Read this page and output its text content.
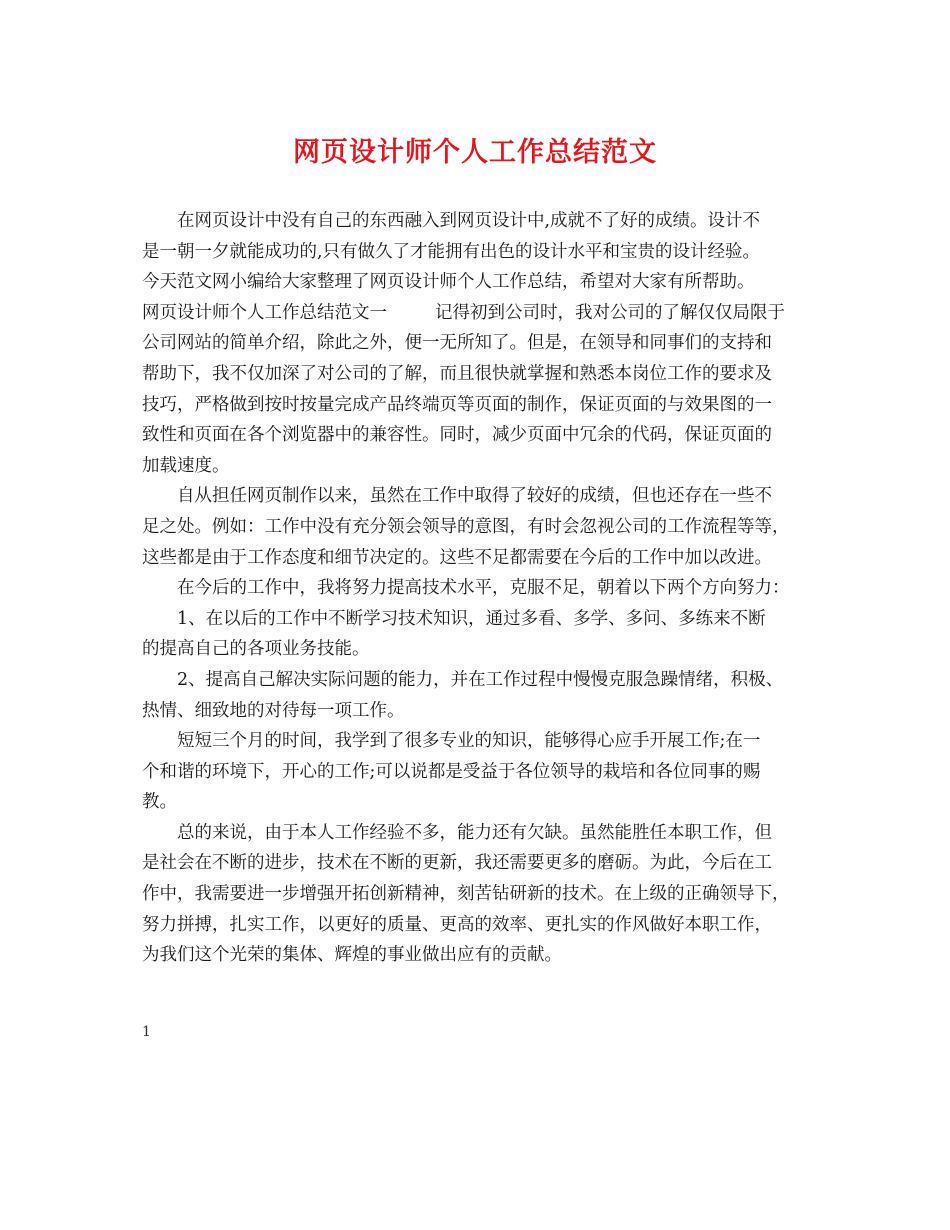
网页设计师个人工作总结范文
在网页设计中没有自己的东西融入到网页设计中,成就不了好的成绩。设计不
是一朝一夕就能成功的,只有做久了才能拥有出色的设计水平和宝贵的设计经验。
今天范文网小编给大家整理了网页设计师个人工作总结，希望对大家有所帮助。
网页设计师个人工作总结范文一	记得初到公司时，我对公司的了解仅仅局限于
公司网站的简单介绍，除此之外，便一无所知了。但是，在领导和同事们的支持和
帮助下，我不仅加深了对公司的了解，而且很快就掌握和熟悉本岗位工作的要求及
技巧，严格做到按时按量完成产品终端页等页面的制作，保证页面的与效果图的一
致性和页面在各个浏览器中的兼容性。同时，减少页面中冗余的代码，保证页面的
加载速度。
自从担任网页制作以来，虽然在工作中取得了较好的成绩，但也还存在一些不
足之处。例如：工作中没有充分领会领导的意图，有时会忽视公司的工作流程等等，
这些都是由于工作态度和细节决定的。这些不足都需要在今后的工作中加以改进。
在今后的工作中，我将努力提高技术水平，克服不足，朝着以下两个方向努力：
1、在以后的工作中不断学习技术知识，通过多看、多学、多问、多练来不断
的提高自己的各项业务技能。
2、提高自己解决实际问题的能力，并在工作过程中慢慢克服急躁情绪，积极、
热情、细致地的对待每一项工作。
短短三个月的时间，我学到了很多专业的知识，能够得心应手开展工作;在一
个和谐的环境下，开心的工作;可以说都是受益于各位领导的栽培和各位同事的赐
教。
总的来说，由于本人工作经验不多，能力还有欠缺。虽然能胜任本职工作，但
是社会在不断的进步，技术在不断的更新，我还需要更多的磨砺。为此，今后在工
作中，我需要进一步增强开拓创新精神，刻苦钻研新的技术。在上级的正确领导下，
努力拼搏，扎实工作，以更好的质量、更高的效率、更扎实的作风做好本职工作，
为我们这个光荣的集体、辉煌的事业做出应有的贡献。
1
